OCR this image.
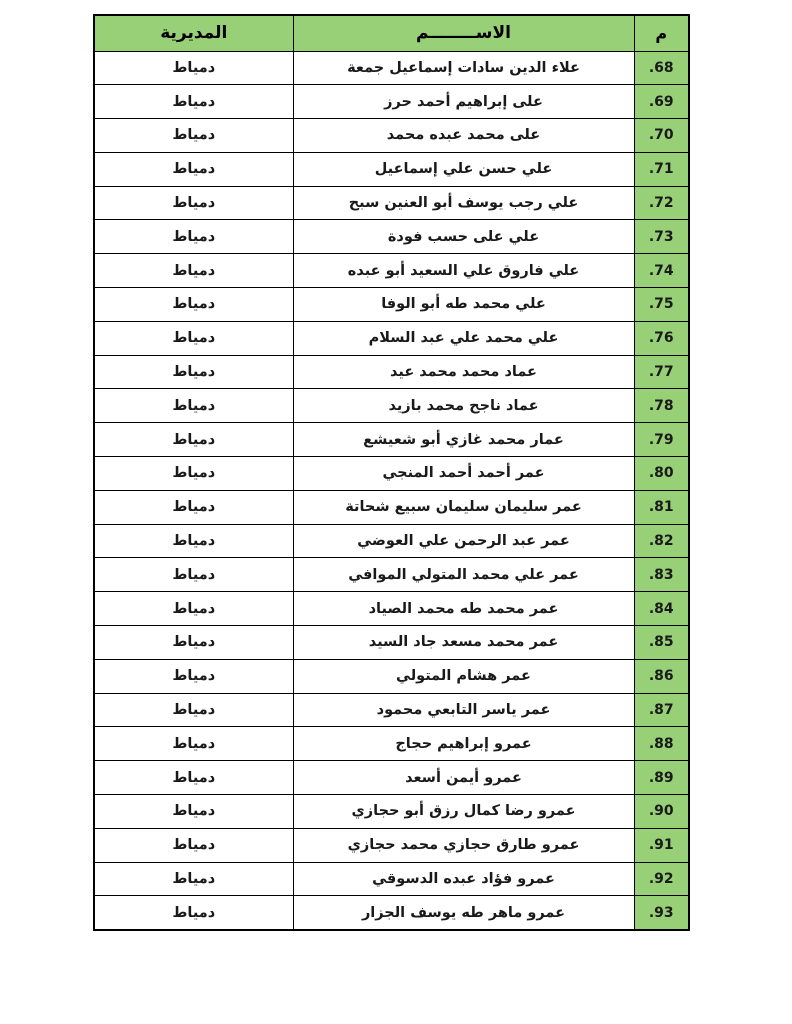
م	الاســــــــم	المديرية
68.	علاء الدين سادات إسماعيل جمعة	دمياط
69.	على إبراهيم أحمد حرز	دمياط
70.	على محمد عبده محمد	دمياط
71.	علي حسن علي إسماعيل	دمياط
72.	علي رجب يوسف أبو العنين سبح	دمياط
73.	علي على حسب فودة	دمياط
74.	علي فاروق علي السعيد أبو عبده	دمياط
75.	علي محمد طه أبو الوفا	دمياط
76.	علي محمد علي عبد السلام	دمياط
77.	عماد محمد محمد عيد	دمياط
78.	عماد ناجح محمد بازيد	دمياط
79.	عمار محمد غازي أبو شعيشع	دمياط
80.	عمر أحمد أحمد المنجي	دمياط
81.	عمر سليمان سليمان سبيع شحاتة	دمياط
82.	عمر عبد الرحمن علي العوضي	دمياط
83.	عمر علي محمد المتولي الموافي	دمياط
84.	عمر محمد طه محمد الصياد	دمياط
85.	عمر محمد مسعد جاد السيد	دمياط
86.	عمر هشام المتولي	دمياط
87.	عمر ياسر التابعي محمود	دمياط
88.	عمرو إبراهيم حجاج	دمياط
89.	عمرو أيمن أسعد	دمياط
90.	عمرو رضا كمال رزق أبو حجازي	دمياط
91.	عمرو طارق حجازي محمد حجازي	دمياط
92.	عمرو فؤاد عبده الدسوقي	دمياط
93.	عمرو ماهر طه يوسف الجزار	دمياط
